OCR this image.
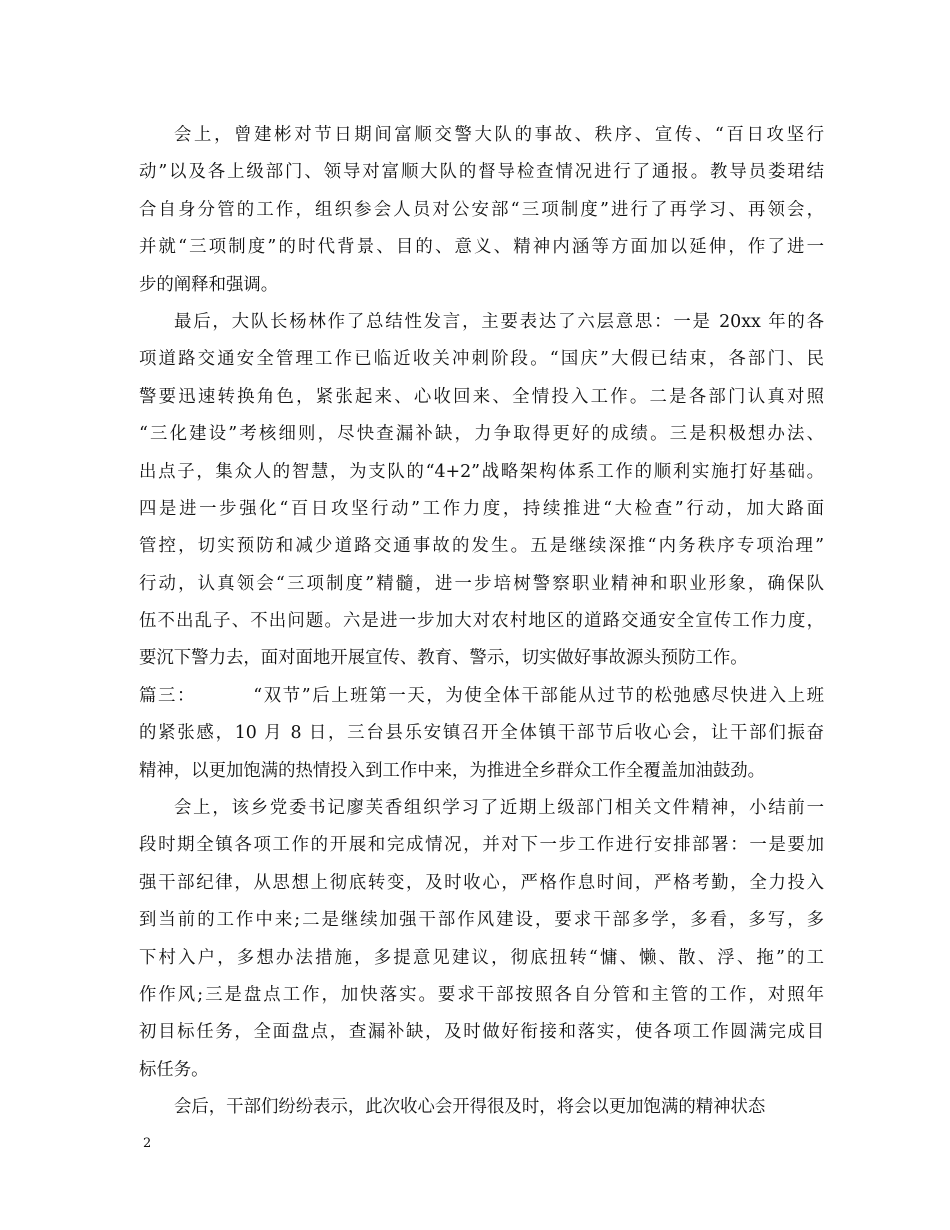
会上，曾建彬对节日期间富顺交警大队的事故、秩序、宣传、“百日攻坚行
动”以及各上级部门、领导对富顺大队的督导检查情况进行了通报。教导员娄珺结
合自身分管的工作，组织参会人员对公安部“三项制度”进行了再学习、再领会，
并就“三项制度”的时代背景、目的、意义、精神内涵等方面加以延伸，作了进一
步的阐释和强调。
最后，大队长杨林作了总结性发言，主要表达了六层意思：一是 20xx 年的各
项道路交通安全管理工作已临近收关冲刺阶段。“国庆”大假已结束，各部门、民
警要迅速转换角色，紧张起来、心收回来、全情投入工作。二是各部门认真对照
“三化建设”考核细则，尽快查漏补缺，力争取得更好的成绩。三是积极想办法、
出点子，集众人的智慧，为支队的“4+2”战略架构体系工作的顺利实施打好基础。
四是进一步强化“百日攻坚行动”工作力度，持续推进“大检查”行动，加大路面
管控，切实预防和减少道路交通事故的发生。五是继续深推“内务秩序专项治理”
行动，认真领会“三项制度”精髓，进一步培树警察职业精神和职业形象，确保队
伍不出乱子、不出问题。六是进一步加大对农村地区的道路交通安全宣传工作力度，
要沉下警力去，面对面地开展宣传、教育、警示，切实做好事故源头预防工作。
篇三：        “双节”后上班第一天，为使全体干部能从过节的松弛感尽快进入上班
的紧张感，10 月 8 日，三台县乐安镇召开全体镇干部节后收心会，让干部们振奋
精神，以更加饱满的热情投入到工作中来，为推进全乡群众工作全覆盖加油鼓劲。
会上，该乡党委书记廖芙香组织学习了近期上级部门相关文件精神，小结前一
段时期全镇各项工作的开展和完成情况，并对下一步工作进行安排部署：一是要加
强干部纪律，从思想上彻底转变，及时收心，严格作息时间，严格考勤，全力投入
到当前的工作中来;二是继续加强干部作风建设，要求干部多学，多看，多写，多
下村入户，多想办法措施，多提意见建议，彻底扭转“慵、懒、散、浮、拖”的工
作作风;三是盘点工作，加快落实。要求干部按照各自分管和主管的工作，对照年
初目标任务，全面盘点，查漏补缺，及时做好衔接和落实，使各项工作圆满完成目
标任务。
会后，干部们纷纷表示，此次收心会开得很及时，将会以更加饱满的精神状态
2
